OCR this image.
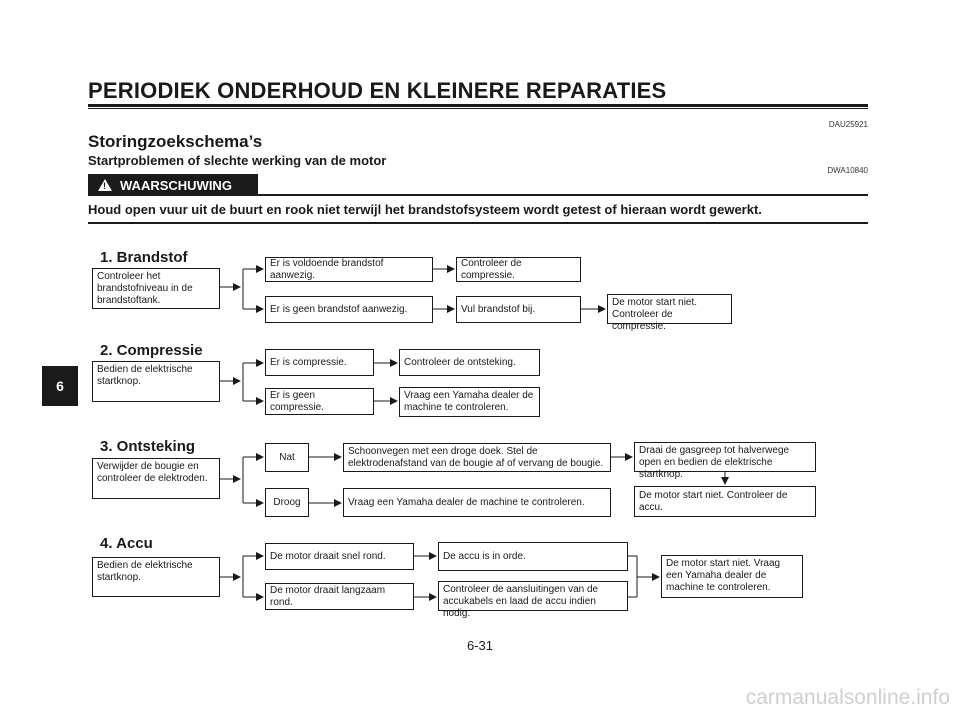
PERIODIEK ONDERHOUD EN KLEINERE REPARATIES
DAU25921
Storingzoekschema’s
Startproblemen of slechte werking van de motor
DWA10840
! WAARSCHUWING
Houd open vuur uit de buurt en rook niet terwijl het brandstofsysteem wordt getest of hieraan wordt gewerkt.
6
1. Brandstof
Controleer het brandstofniveau in de brandstoftank.
Er is voldoende brandstof aanwezig.
Controleer de compressie.
Er is geen brandstof aanwezig.	Vul brandstof bij.
De motor start niet. Controleer de compressie.
2. Compressie
Bedien de elektrische startknop.
Er is compressie.	Controleer de ontsteking.
Er is geen compressie.
Vraag een Yamaha dealer de machine te controleren.
3. Ontsteking
Verwijder de bougie en controleer de elektroden.
Nat	Schoonvegen met een droge doek. Stel de elektrodenafstand van de bougie af of vervang de bougie.
Draai de gasgreep tot halverwege open en bedien de elektrische startknop.
Droog	Vraag een Yamaha dealer de machine te controleren.
De motor start niet. Controleer de accu.
4. Accu
Bedien de elektrische startknop.
De motor draait snel rond.	De accu is in orde.
De motor draait langzaam rond.
Controleer de aansluitingen van de accukabels en laad de accu indien nodig.
De motor start niet. Vraag een Yamaha dealer de machine te controleren.
6-31
carmanualsonline.info
